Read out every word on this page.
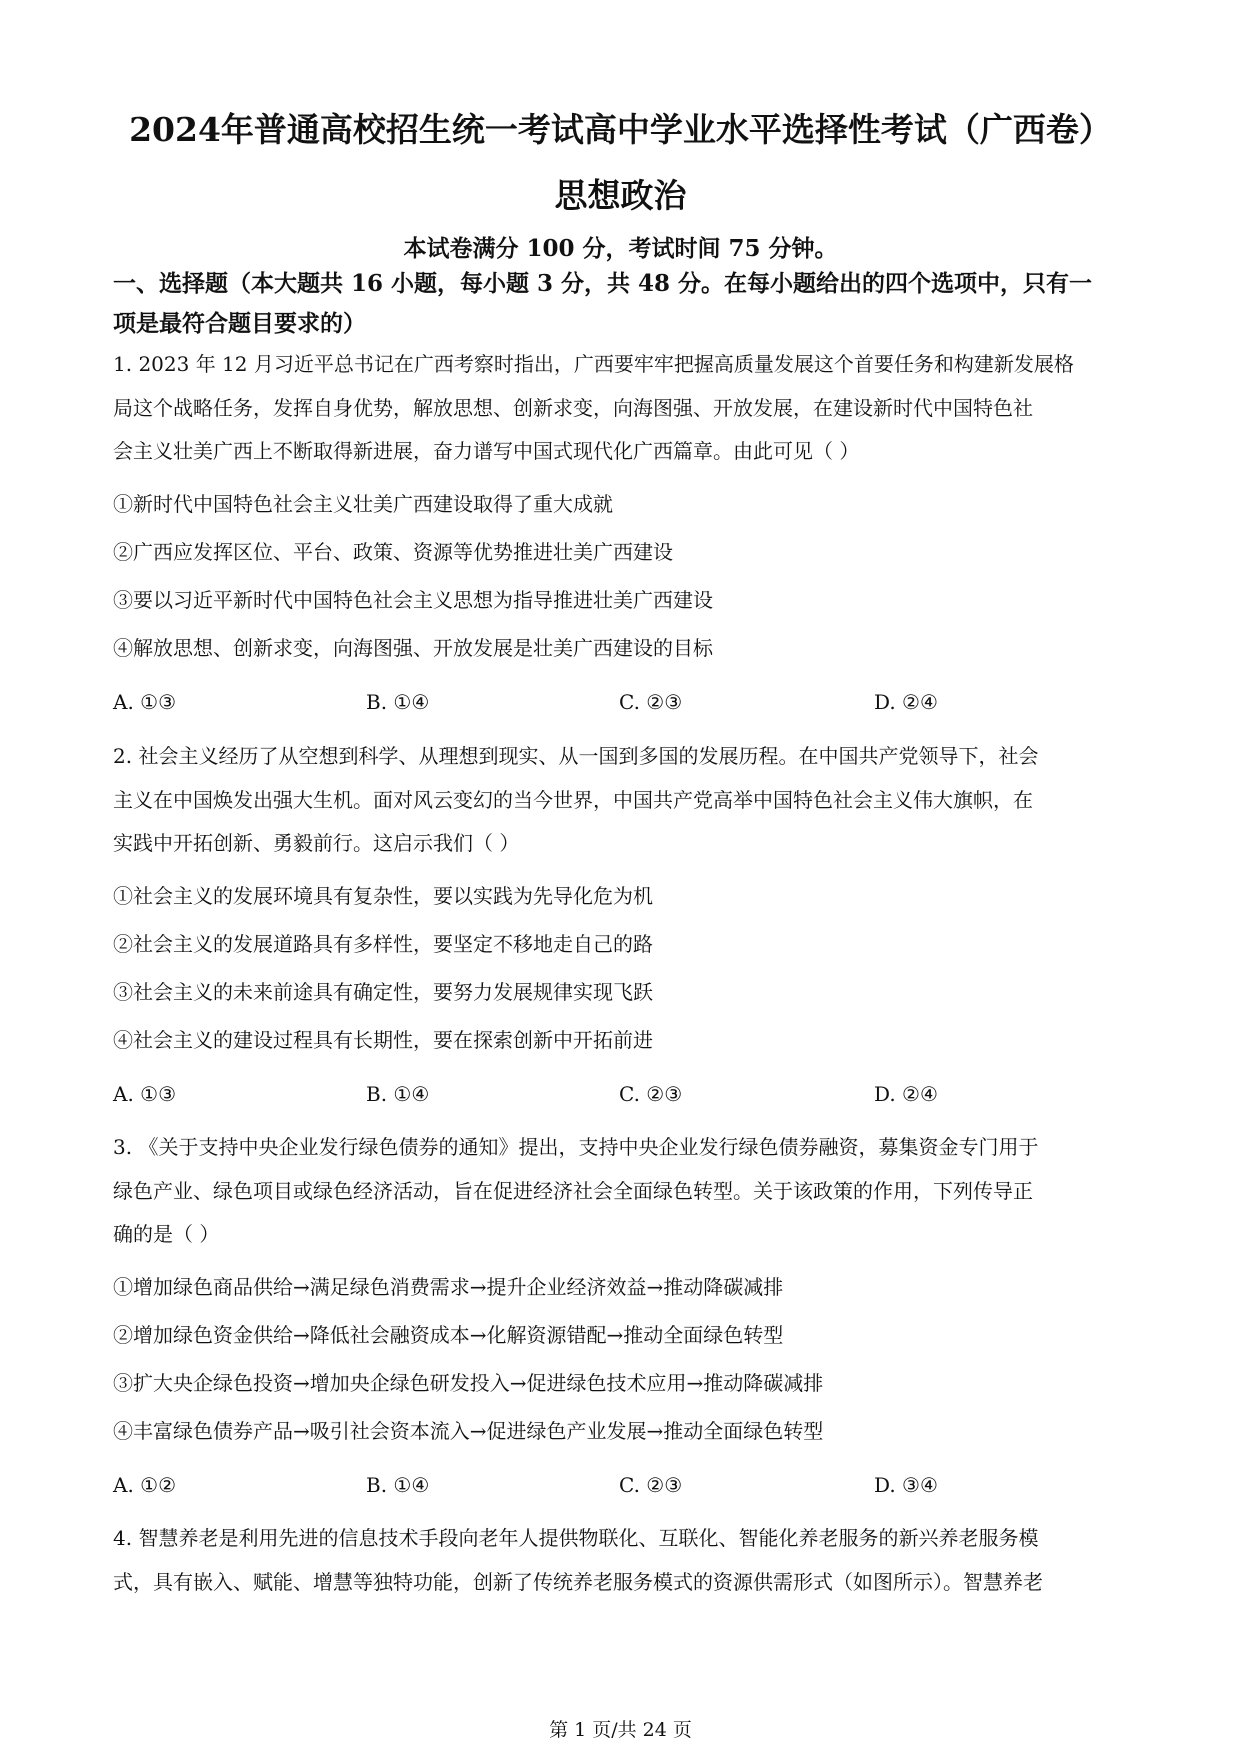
2024年普通高校招生统一考试高中学业水平选择性考试（广西卷）
思想政治
本试卷满分 100 分，考试时间 75 分钟。
一、选择题（本大题共 16 小题，每小题 3 分，共 48 分。在每小题给出的四个选项中，只有一
项是最符合题目要求的）
1. 2023 年 12 月习近平总书记在广西考察时指出，广西要牢牢把握高质量发展这个首要任务和构建新发展格
局这个战略任务，发挥自身优势，解放思想、创新求变，向海图强、开放发展，在建设新时代中国特色社
会主义壮美广西上不断取得新进展，奋力谱写中国式现代化广西篇章。由此可见（ ）
①新时代中国特色社会主义壮美广西建设取得了重大成就
②广西应发挥区位、平台、政策、资源等优势推进壮美广西建设
③要以习近平新时代中国特色社会主义思想为指导推进壮美广西建设
④解放思想、创新求变，向海图强、开放发展是壮美广西建设的目标
A. ①③	B. ①④	C. ②③	D. ②④
2. 社会主义经历了从空想到科学、从理想到现实、从一国到多国的发展历程。在中国共产党领导下，社会
主义在中国焕发出强大生机。面对风云变幻的当今世界，中国共产党高举中国特色社会主义伟大旗帜，在
实践中开拓创新、勇毅前行。这启示我们（ ）
①社会主义的发展环境具有复杂性，要以实践为先导化危为机
②社会主义的发展道路具有多样性，要坚定不移地走自己的路
③社会主义的未来前途具有确定性，要努力发展规律实现飞跃
④社会主义的建设过程具有长期性，要在探索创新中开拓前进
A. ①③	B. ①④	C. ②③	D. ②④
3. 《关于支持中央企业发行绿色债券的通知》提出，支持中央企业发行绿色债券融资，募集资金专门用于
绿色产业、绿色项目或绿色经济活动，旨在促进经济社会全面绿色转型。关于该政策的作用，下列传导正
确的是（ ）
①增加绿色商品供给→满足绿色消费需求→提升企业经济效益→推动降碳减排
②增加绿色资金供给→降低社会融资成本→化解资源错配→推动全面绿色转型
③扩大央企绿色投资→增加央企绿色研发投入→促进绿色技术应用→推动降碳减排
④丰富绿色债券产品→吸引社会资本流入→促进绿色产业发展→推动全面绿色转型
A. ①②	B. ①④	C. ②③	D. ③④
4. 智慧养老是利用先进的信息技术手段向老年人提供物联化、互联化、智能化养老服务的新兴养老服务模
式，具有嵌入、赋能、增慧等独特功能，创新了传统养老服务模式的资源供需形式（如图所示）。智慧养老
第 1 页/共 24 页
